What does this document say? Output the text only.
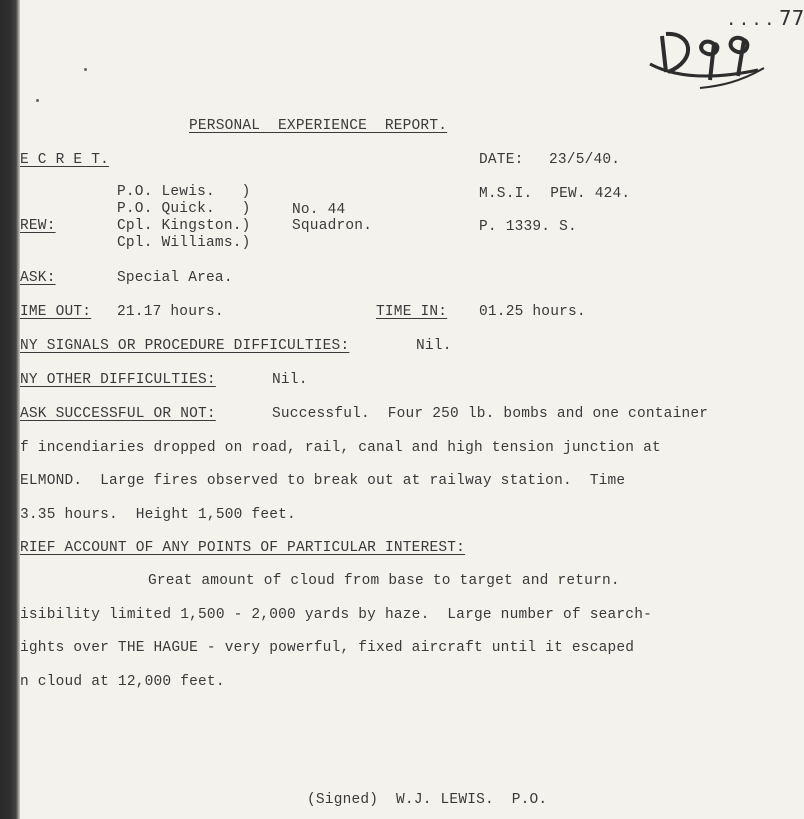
. . . . 77
PERSONAL  EXPERIENCE  REPORT.
E C R E T.	DATE: 23/5/40.
P.O. Lewis.   )	M.S.I.  PEW. 424.
P.O. Quick.   )	No. 44
REW:	Cpl. Kingston.)	Squadron.	P. 1339. S.
Cpl. Williams.)
ASK:	Special Area.
IME OUT: 21.17 hours.	TIME IN: 01.25 hours.
NY SIGNALS OR PROCEDURE DIFFICULTIES:	Nil.
NY OTHER DIFFICULTIES:	Nil.
ASK SUCCESSFUL OR NOT:	Successful.  Four 250 lb. bombs and one container
f incendiaries dropped on road, rail, canal and high tension junction at
ELMOND.  Large fires observed to break out at railway station.  Time
3.35 hours.  Height 1,500 feet.
RIEF ACCOUNT OF ANY POINTS OF PARTICULAR INTEREST:
Great amount of cloud from base to target and return.
isibility limited 1,500 - 2,000 yards by haze.  Large number of search-
ights over THE HAGUE - very powerful, fixed aircraft until it escaped
n cloud at 12,000 feet.
(Signed)  W.J. LEWIS.  P.O.
